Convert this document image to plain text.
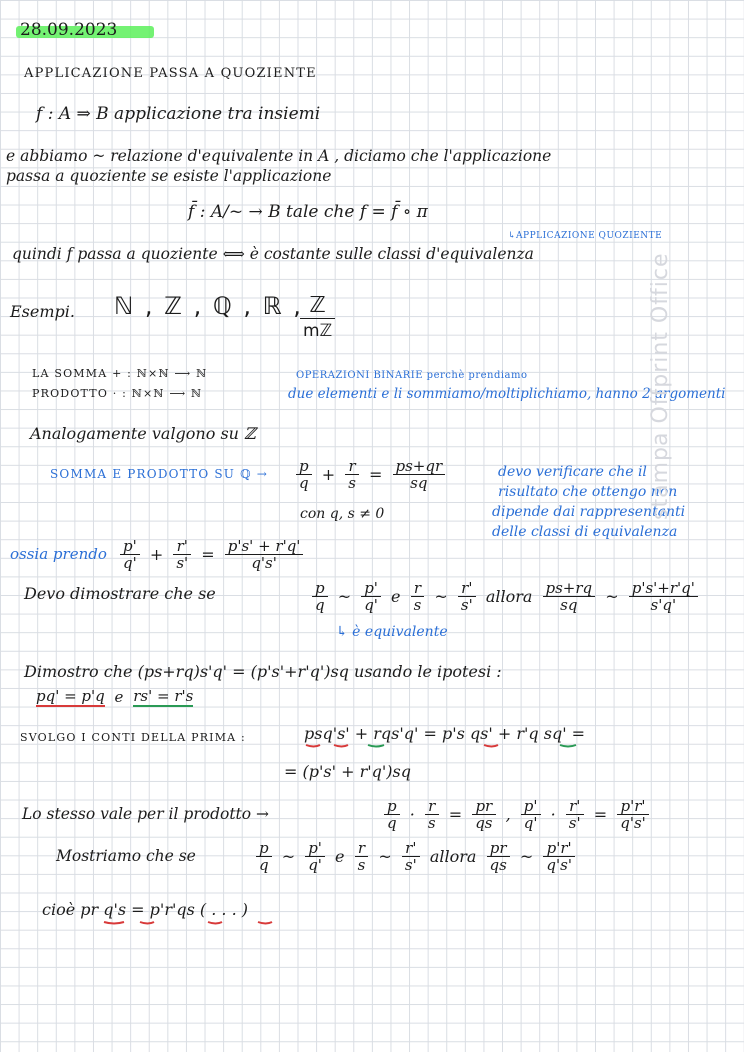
28.09.2023
APPLICAZIONE PASSA A QUOZIENTE
f : A ⇒ B applicazione tra insiemi
e abbiamo ~ relazione d'equivalente in A , diciamo che l'applicazione
passa a quoziente se esiste l'applicazione
f̄ : A/~ → B tale che f = f̄ ∘ π
↳APPLICAZIONE QUOZIENTE
quindi f passa a quoziente ⟺ è costante sulle classi d'equivalenza
Esempi. ℕ , ℤ , ℚ , ℝ ,
$\frac{\text{ℤ}}{\text{mℤ}}$
LA SOMMA + : ℕ×ℕ ⟶ ℕ
PRODOTTO · : ℕ×ℕ ⟶ ℕ
OPERAZIONI BINARIE perchè prendiamo
due elementi e li sommiamo/moltiplichiamo, hanno 2 argomenti
Analogamente valgono su ℤ
SOMMA E PRODOTTO SU ℚ → $\frac{p}{q} + \frac{r}{s} = \frac{ps+qr}{sq}$
con q, s ≠ 0
devo verificare che il
risultato che ottengo non
dipende dai rappresentanti
delle classi di equivalenza
ossia prendo $\frac{p'}{q'} + \frac{r'}{s'} = \frac{p's' + r'q'}{q's'}$
Devo dimostrare che se	$\frac{p}{q}$ ~ $\frac{p'}{q'}$ e $\frac{r}{s}$ ~ $\frac{r'}{s'}$ allora $\frac{ps+rq}{sq}$ ~ $\frac{p's'+r'q'}{s'q'}$
↳ è equivalente
Dimostro che (ps+rq)s'q' = (p's'+r'q')sq usando le ipotesi :
pq' = p'q e rs' = r's
SVOLGO I CONTI DELLA PRIMA :	psq's' + rqs'q' = p's qs' + r'q sq' =
= (p's' + r'q')sq
Lo stesso vale per il prodotto →	$\frac{p}{q} \cdot \frac{r}{s} = \frac{pr}{qs}$ , $\frac{p'}{q'} \cdot \frac{r'}{s'} = \frac{p'r'}{q's'}$
Mostriamo che se	$\frac{p}{q}$ ~ $\frac{p'}{q'}$ e $\frac{r}{s}$ ~ $\frac{r'}{s'}$ allora $\frac{pr}{qs}$ ~ $\frac{p'r'}{q's'}$
cioè pr q's = p'r'qs ( . . . )
stampa Offprint Office
